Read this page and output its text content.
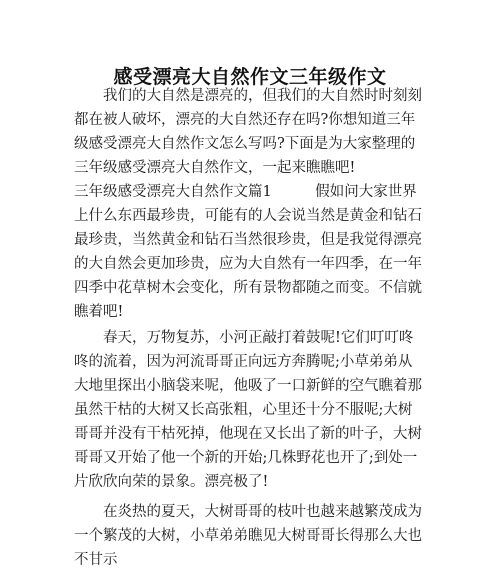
感受漂亮大自然作文三年级作文

我们的大自然是漂亮的，但我们的大自然时时刻刻都在被人破坏，漂亮的大自然还存在吗?你想知道三年级感受漂亮大自然作文怎么写吗?下面是为大家整理的三年级感受漂亮大自然作文，一起来瞧瞧吧!

三年级感受漂亮大自然作文篇1　　　假如问大家世界上什么东西最珍贵，可能有的人会说当然是黄金和钻石最珍贵，当然黄金和钻石当然很珍贵，但是我觉得漂亮的大自然会更加珍贵，应为大自然有一年四季，在一年四季中花草树木会变化，所有景物都随之而变。不信就瞧着吧!

春天，万物复苏，小河正敲打着鼓呢!它们叮叮咚咚的流着，因为河流哥哥正向远方奔腾呢;小草弟弟从大地里探出小脑袋来呢，他吸了一口新鲜的空气瞧着那虽然干枯的大树又长高张粗，心里还十分不服呢;大树哥哥并没有干枯死掉，他现在又长出了新的叶子，大树哥哥又开始了他一个新的开始;几株野花也开了;到处一片欣欣向荣的景象。漂亮极了!

在炎热的夏天，大树哥哥的枝叶也越来越繁茂成为一个繁茂的大树，小草弟弟瞧见大树哥哥长得那么大也不甘示
